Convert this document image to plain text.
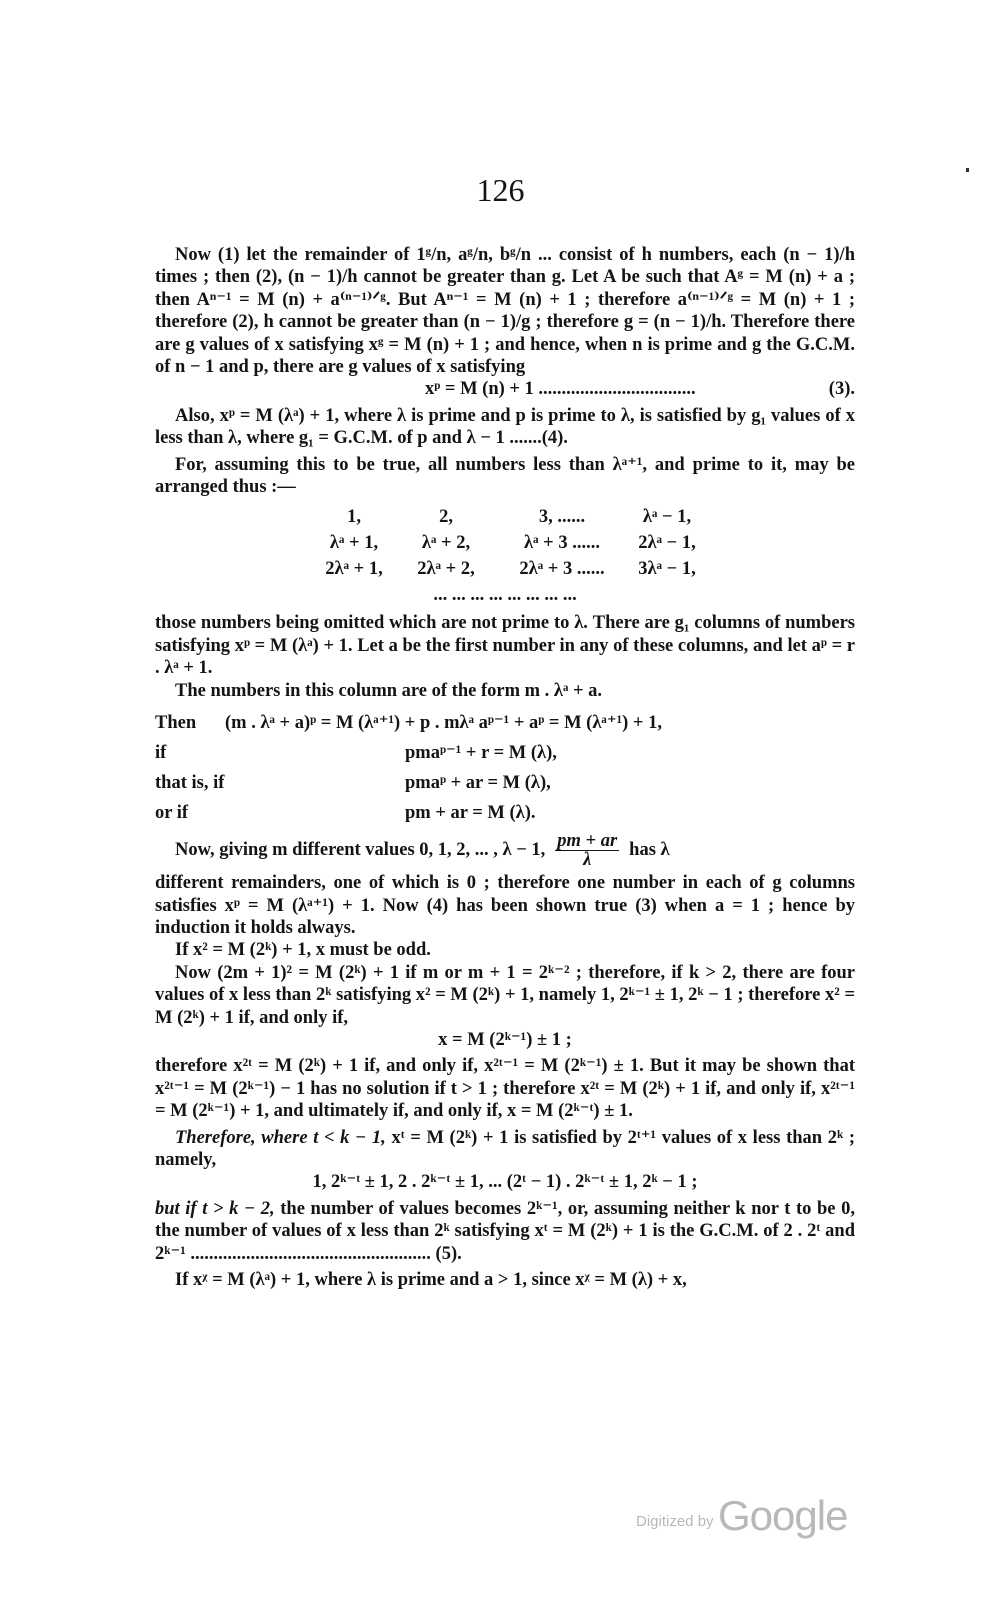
126

Now (1) let the remainder of 1ᵍ/n, aᵍ/n, bᵍ/n ... consist of h numbers, each (n − 1)/h times ; then (2), (n − 1)/h cannot be greater than g. Let A be such that Aᵍ = M (n) + a ; then Aⁿ⁻¹ = M (n) + a⁽ⁿ⁻¹⁾ᐟᵍ. But Aⁿ⁻¹ = M (n) + 1 ; therefore a⁽ⁿ⁻¹⁾ᐟᵍ = M (n) + 1 ; therefore (2), h cannot be greater than (n − 1)/g ; therefore g = (n − 1)/h. Therefore there are g values of x satisfying xᵍ = M (n) + 1 ; and hence, when n is prime and g the G.C.M. of n − 1 and p, there are g values of x satisfying

xᵖ = M (n) + 1 ..................................	(3).

Also, xᵖ = M (λᵃ) + 1, where λ is prime and p is prime to λ, is satisfied by g₁ values of x less than λ, where g₁ = G.C.M. of p and λ − 1 .......(4).

For, assuming this to be true, all numbers less than λᵃ⁺¹, and prime to it, may be arranged thus :—

1,	2,	3, ......	λᵃ − 1,
λᵃ + 1,	λᵃ + 2,	λᵃ + 3 ......	2λᵃ − 1,
2λᵃ + 1,	2λᵃ + 2,	2λᵃ + 3 ......	3λᵃ − 1,
... ... ... ... ... ... ... ...

those numbers being omitted which are not prime to λ. There are g₁ columns of numbers satisfying xᵖ = M (λᵃ) + 1. Let a be the first number in any of these columns, and let aᵖ = r . λᵃ + 1.

The numbers in this column are of the form m . λᵃ + a.

Then	(m . λᵃ + a)ᵖ = M (λᵃ⁺¹) + p . mλᵃ aᵖ⁻¹ + aᵖ = M (λᵃ⁺¹) + 1,
if	pmaᵖ⁻¹ + r = M (λ),
that is, if	pmaᵖ + ar = M (λ),
or if	pm + ar = M (λ).
Now, giving m different values 0, 1, 2, ... , λ − 1, $\frac{pm + ar}{\lambda}$ has λ

different remainders, one of which is 0 ; therefore one number in each of g columns satisfies xᵖ = M (λᵃ⁺¹) + 1. Now (4) has been shown true (3) when a = 1 ; hence by induction it holds always.

If x² = M (2ᵏ) + 1, x must be odd.

Now (2m + 1)² = M (2ᵏ) + 1 if m or m + 1 = 2ᵏ⁻² ; therefore, if k > 2, there are four values of x less than 2ᵏ satisfying x² = M (2ᵏ) + 1, namely 1, 2ᵏ⁻¹ ± 1, 2ᵏ − 1 ; therefore x² = M (2ᵏ) + 1 if, and only if,

x = M (2ᵏ⁻¹) ± 1 ;

therefore x²ᵗ = M (2ᵏ) + 1 if, and only if, x²ᵗ⁻¹ = M (2ᵏ⁻¹) ± 1. But it may be shown that x²ᵗ⁻¹ = M (2ᵏ⁻¹) − 1 has no solution if t > 1 ; therefore x²ᵗ = M (2ᵏ) + 1 if, and only if, x²ᵗ⁻¹ = M (2ᵏ⁻¹) + 1, and ultimately if, and only if, x = M (2ᵏ⁻ᵗ) ± 1.

Therefore, where t < k − 1, xᵗ = M (2ᵏ) + 1 is satisfied by 2ᵗ⁺¹ values of x less than 2ᵏ ; namely,

1, 2ᵏ⁻ᵗ ± 1, 2 . 2ᵏ⁻ᵗ ± 1, ... (2ᵗ − 1) . 2ᵏ⁻ᵗ ± 1, 2ᵏ − 1 ;

but if t > k − 2, the number of values becomes 2ᵏ⁻¹, or, assuming neither k nor t to be 0, the number of values of x less than 2ᵏ satisfying xᵗ = M (2ᵏ) + 1 is the G.C.M. of 2 . 2ᵗ and 2ᵏ⁻¹ .................................................... (5).

If xᵡ = M (λᵃ) + 1, where λ is prime and a > 1, since xᵡ = M (λ) + x,

Digitized by Google
